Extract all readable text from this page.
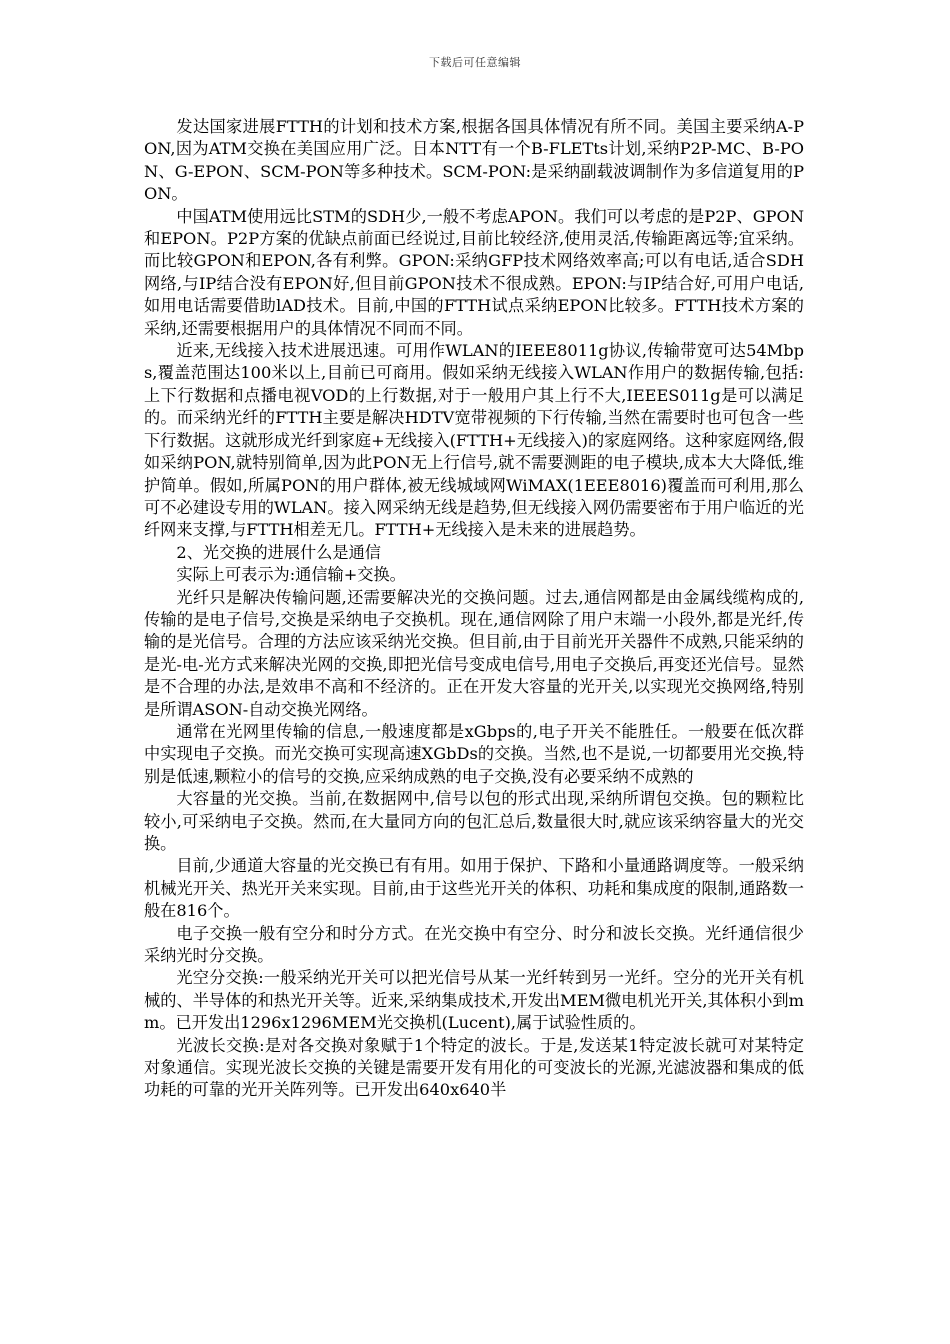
下载后可任意编辑

发达国家进展FTTH的计划和技术方案,根据各国具体情况有所不同。美国主要采纳A-PON,因为ATM交换在美国应用广泛。日本NTT有一个B-FLETts计划,采纳P2P-MC、B-PON、G-EPON、SCM-PON等多种技术。SCM-PON:是采纳副载波调制作为多信道复用的PON。

中国ATM使用远比STM的SDH少,一般不考虑APON。我们可以考虑的是P2P、GPON和EPON。P2P方案的优缺点前面已经说过,目前比较经济,使用灵活,传输距离远等;宜采纳。而比较GPON和EPON,各有利弊。GPON:采纳GFP技术网络效率高;可以有电话,适合SDH网络,与IP结合没有EPON好,但目前GPON技术不很成熟。EPON:与IP结合好,可用户电话,如用电话需要借助lAD技术。目前,中国的FTTH试点采纳EPON比较多。FTTH技术方案的采纳,还需要根据用户的具体情况不同而不同。

近来,无线接入技术进展迅速。可用作WLAN的IEEE8011g协议,传输带宽可达54Mbps,覆盖范围达100米以上,目前已可商用。假如采纳无线接入WLAN作用户的数据传输,包括:上下行数据和点播电视VOD的上行数据,对于一般用户其上行不大,IEEES011g是可以满足的。而采纳光纤的FTTH主要是解决HDTV宽带视频的下行传输,当然在需要时也可包含一些下行数据。这就形成光纤到家庭+无线接入(FTTH+无线接入)的家庭网络。这种家庭网络,假如采纳PON,就特别简单,因为此PON无上行信号,就不需要测距的电子模块,成本大大降低,维护简单。假如,所属PON的用户群体,被无线城域网WiMAX(1EEE8016)覆盖而可利用,那么可不必建设专用的WLAN。接入网采纳无线是趋势,但无线接入网仍需要密布于用户临近的光纤网来支撑,与FTTH相差无几。FTTH+无线接入是未来的进展趋势。

2、光交换的进展什么是通信

实际上可表示为:通信输+交换。

光纤只是解决传输问题,还需要解决光的交换问题。过去,通信网都是由金属线缆构成的,传输的是电子信号,交换是采纳电子交换机。现在,通信网除了用户末端一小段外,都是光纤,传输的是光信号。合理的方法应该采纳光交换。但目前,由于目前光开关器件不成熟,只能采纳的是光-电-光方式来解决光网的交换,即把光信号变成电信号,用电子交换后,再变还光信号。显然是不合理的办法,是效串不高和不经济的。正在开发大容量的光开关,以实现光交换网络,特别是所谓ASON-自动交换光网络。

通常在光网里传输的信息,一般速度都是xGbps的,电子开关不能胜任。一般要在低次群中实现电子交换。而光交换可实现高速XGbDs的交换。当然,也不是说,一切都要用光交换,特别是低速,颗粒小的信号的交换,应采纳成熟的电子交换,没有必要采纳不成熟的

大容量的光交换。当前,在数据网中,信号以包的形式出现,采纳所谓包交换。包的颗粒比较小,可采纳电子交换。然而,在大量同方向的包汇总后,数量很大时,就应该采纳容量大的光交换。

目前,少通道大容量的光交换已有有用。如用于保护、下路和小量通路调度等。一般采纳机械光开关、热光开关来实现。目前,由于这些光开关的体积、功耗和集成度的限制,通路数一般在816个。

电子交换一般有空分和时分方式。在光交换中有空分、时分和波长交换。光纤通信很少采纳光时分交换。

光空分交换:一般采纳光开关可以把光信号从某一光纤转到另一光纤。空分的光开关有机械的、半导体的和热光开关等。近来,采纳集成技术,开发出MEM微电机光开关,其体积小到mm。已开发出1296x1296MEM光交换机(Lucent),属于试验性质的。

光波长交换:是对各交换对象赋于1个特定的波长。于是,发送某1特定波长就可对某特定对象通信。实现光波长交换的关键是需要开发有用化的可变波长的光源,光滤波器和集成的低功耗的可靠的光开关阵列等。已开发出640x640半
